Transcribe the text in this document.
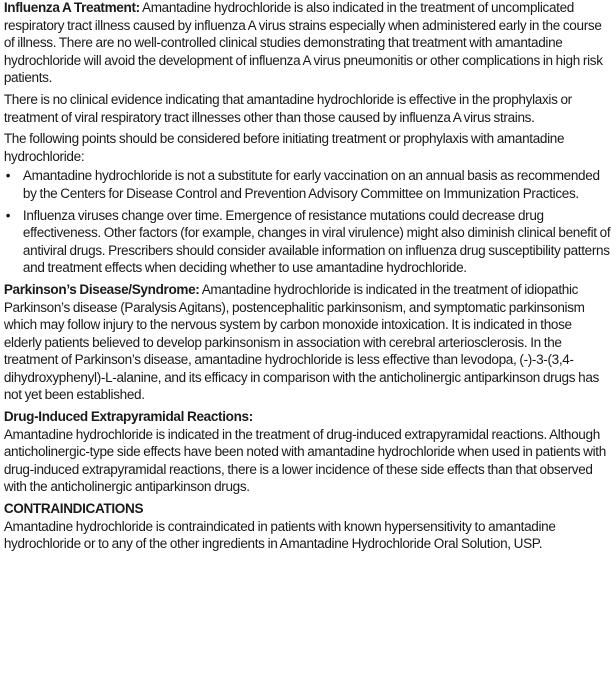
Influenza A Treatment: Amantadine hydrochloride is also indicated in the treatment of uncomplicated respiratory tract illness caused by influenza A virus strains especially when administered early in the course of illness. There are no well-controlled clinical studies demonstrating that treatment with amantadine hydrochloride will avoid the development of influenza A virus pneumonitis or other complications in high risk patients.

There is no clinical evidence indicating that amantadine hydrochloride is effective in the prophylaxis or treatment of viral respiratory tract illnesses other than those caused by influenza A virus strains.

The following points should be considered before initiating treatment or prophylaxis with amantadine hydrochloride:

• Amantadine hydrochloride is not a substitute for early vaccination on an annual basis as recommended by the Centers for Disease Control and Prevention Advisory Committee on Immunization Practices.
• Influenza viruses change over time. Emergence of resistance mutations could decrease drug effectiveness. Other factors (for example, changes in viral virulence) might also diminish clinical benefit of antiviral drugs. Prescribers should consider available information on influenza drug susceptibility patterns and treatment effects when deciding whether to use amantadine hydrochloride.

Parkinson’s Disease/Syndrome: Amantadine hydrochloride is indicated in the treatment of idiopathic Parkinson’s disease (Paralysis Agitans), postencephalitic parkinsonism, and symptomatic parkinsonism which may follow injury to the nervous system by carbon monoxide intoxication. It is indicated in those elderly patients believed to develop parkinsonism in association with cerebral arteriosclerosis. In the treatment of Parkinson’s disease, amantadine hydrochloride is less effective than levodopa, (-)-3-(3,4-dihydroxyphenyl)-L-alanine, and its efficacy in comparison with the anticholinergic antiparkinson drugs has not yet been established.

Drug-Induced Extrapyramidal Reactions:

Amantadine hydrochloride is indicated in the treatment of drug-induced extrapyramidal reactions. Although anticholinergic-type side effects have been noted with amantadine hydrochloride when used in patients with drug-induced extrapyramidal reactions, there is a lower incidence of these side effects than that observed with the anticholinergic antiparkinson drugs.

CONTRAINDICATIONS

Amantadine hydrochloride is contraindicated in patients with known hypersensitivity to amantadine hydrochloride or to any of the other ingredients in Amantadine Hydrochloride Oral Solution, USP.
